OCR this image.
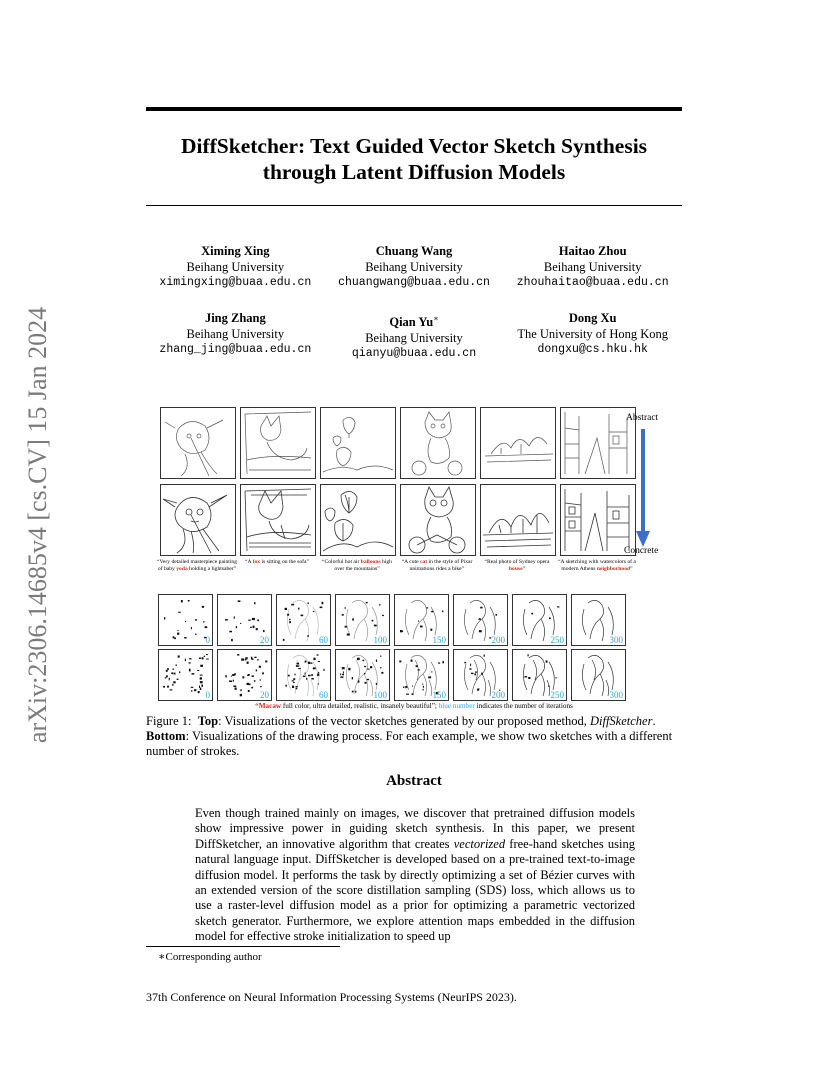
arXiv:2306.14685v4 [cs.CV] 15 Jan 2024
DiffSketcher: Text Guided Vector Sketch Synthesis
through Latent Diffusion Models
Ximing Xing
Beihang University
ximingxing@buaa.edu.cn
Chuang Wang
Beihang University
chuangwang@buaa.edu.cn
Haitao Zhou
Beihang University
zhouhaitao@buaa.edu.cn
Jing Zhang
Beihang University
zhang_jing@buaa.edu.cn
Qian Yu∗
Beihang University
qianyu@buaa.edu.cn
Dong Xu
The University of Hong Kong
dongxu@cs.hku.hk
Abstract
Concrete
“Very detailed masterpiece painting of baby yoda holding a lightsaber”
“A fox is sitting on the sofa”	“Colorful hot air balloons high over the mountains”
“A cute cat in the style of Pixar animations rides a bike”
“Real photo of Sydney opera house”
“A sketching with watercolors of a modern Athens neighborhood”
0	20	60	100	150	200	250	300
0	20	60	100	150	200	250	300
“Macaw full color, ultra detailed, realistic, insanely beautiful”; blue number indicates the number of iterations
Figure 1: Top: Visualizations of the vector sketches generated by our proposed method, DiffSketcher. Bottom: Visualizations of the drawing process. For each example, we show two sketches with a different number of strokes.
Abstract
Even though trained mainly on images, we discover that pretrained diffusion models show impressive power in guiding sketch synthesis. In this paper, we present DiffSketcher, an innovative algorithm that creates vectorized free-hand sketches using natural language input. DiffSketcher is developed based on a pre-trained text-to-image diffusion model. It performs the task by directly optimizing a set of Bézier curves with an extended version of the score distillation sampling (SDS) loss, which allows us to use a raster-level diffusion model as a prior for optimizing a parametric vectorized sketch generator. Furthermore, we explore attention maps embedded in the diffusion model for effective stroke initialization to speed up
∗Corresponding author
37th Conference on Neural Information Processing Systems (NeurIPS 2023).
